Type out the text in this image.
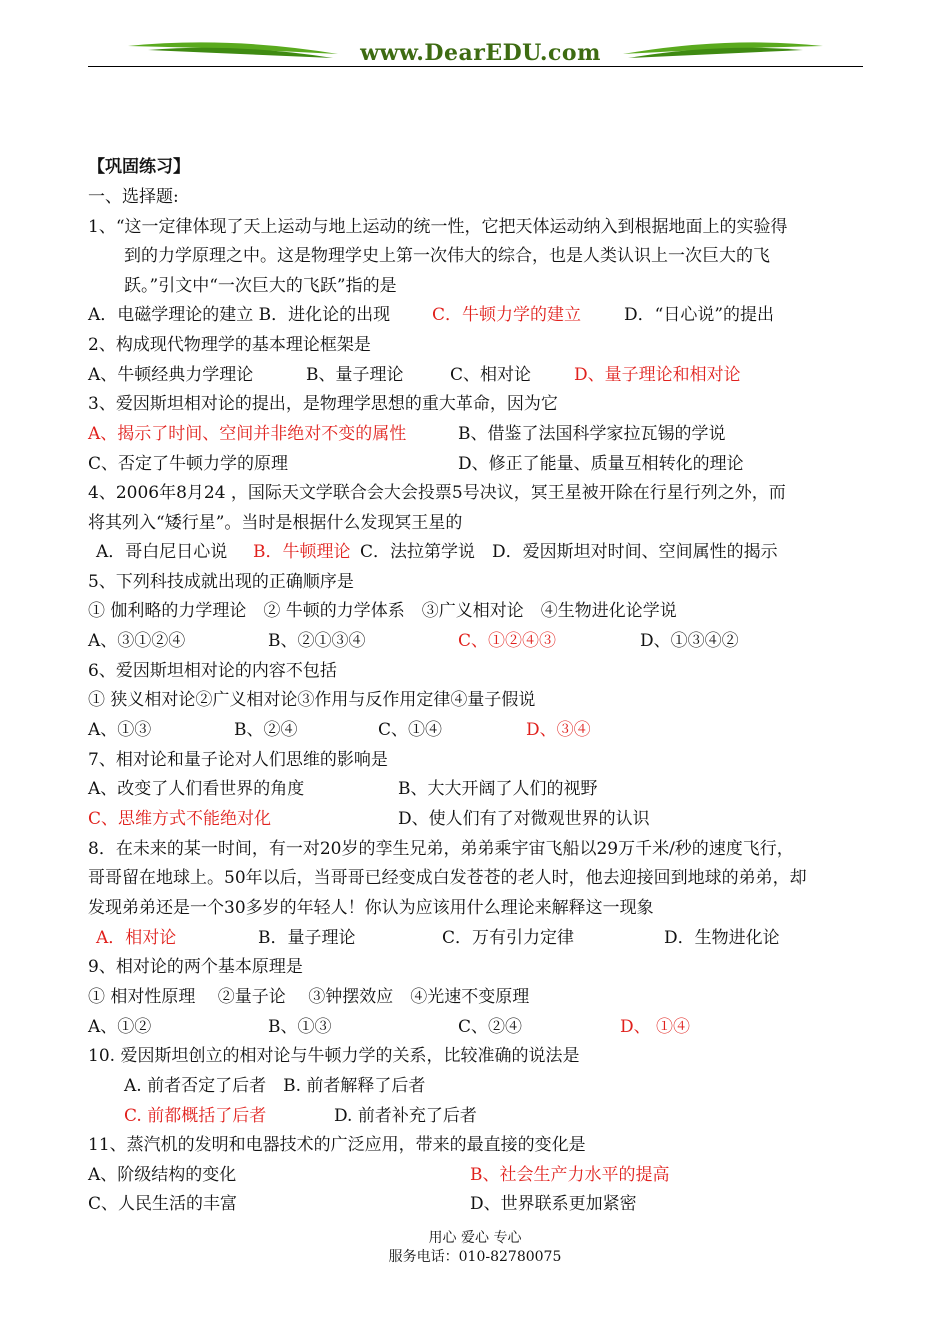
www.DearEDU.com
【巩固练习】
一、选择题:
1、“这一定律体现了天上运动与地上运动的统一性，它把天体运动纳入到根据地面上的实验得
到的力学原理之中。这是物理学史上第一次伟大的综合，也是人类认识上一次巨大的飞
跃。”引文中“一次巨大的飞跃”指的是
A．电磁学理论的建立 B．进化论的出现 C．牛顿力学的建立	D．“日心说”的提出
2、构成现代物理学的基本理论框架是
A、牛顿经典力学理论	B、量子理论	C、相对论	D、量子理论和相对论
3、爱因斯坦相对论的提出，是物理学思想的重大革命，因为它
A、揭示了时间、空间并非绝对不变的属性	B、借鉴了法国科学家拉瓦锡的学说
C、否定了牛顿力学的原理	D、修正了能量、质量互相转化的理论
4、2006年8月24 ，国际天文学联合会大会投票5号决议，冥王星被开除在行星行列之外，而
将其列入“矮行星”。当时是根据什么发现冥王星的
A．哥白尼日心说 B．牛顿理论 C．法拉第学说　D．爱因斯坦对时间、空间属性的揭示
5、下列科技成就出现的正确顺序是
① 伽利略的力学理论　② 牛顿的力学体系　③广义相对论　④生物进化论学说
A、③①②④	B、②①③④	C、①②④③	D、①③④②
6、爱因斯坦相对论的内容不包括
① 狭义相对论②广义相对论③作用与反作用定律④量子假说
A、①③	B、②④	C、①④	D、③④
7、相对论和量子论对人们思维的影响是
A、改变了人们看世界的角度	B、大大开阔了人们的视野
C、思维方式不能绝对化	D、使人们有了对微观世界的认识
8．在未来的某一时间，有一对20岁的孪生兄弟，弟弟乘宇宙飞船以29万千米/秒的速度飞行，
哥哥留在地球上。50年以后，当哥哥已经变成白发苍苍的老人时，他去迎接回到地球的弟弟，却
发现弟弟还是一个30多岁的年轻人！你认为应该用什么理论来解释这一现象
A．相对论	B．量子理论	C．万有引力定律	D．生物进化论
9、相对论的两个基本原理是
① 相对性原理　 ②量子论　 ③钟摆效应　④光速不变原理
A、①②	B、①③	C、②④	D、 ①④
10. 爱因斯坦创立的相对论与牛顿力学的关系，比较准确的说法是
A. 前者否定了后者　B. 前者解释了后者
C. 前都概括了后者	D. 前者补充了后者
11、蒸汽机的发明和电器技术的广泛应用，带来的最直接的变化是
A、阶级结构的变化	B、社会生产力水平的提高
C、人民生活的丰富	D、世界联系更加紧密
用心 爱心 专心
服务电话：010-82780075
